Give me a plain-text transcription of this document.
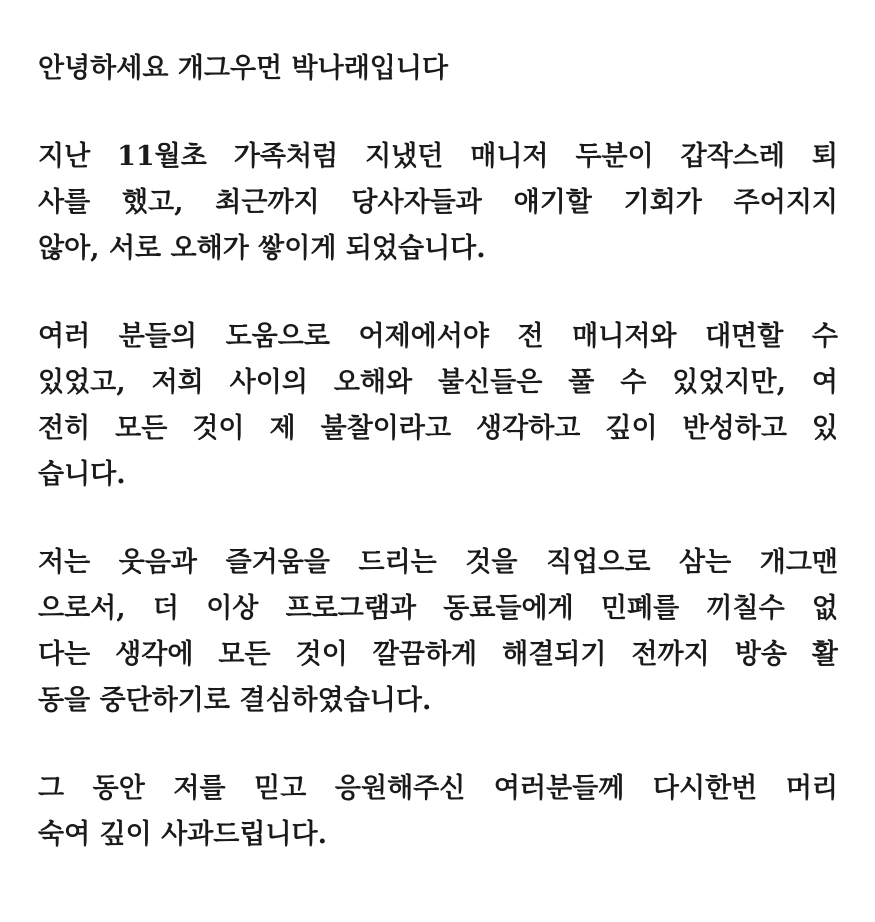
안녕하세요 개그우먼 박나래입니다

지난 11월초 가족처럼 지냈던 매니저 두분이 갑작스레 퇴
사를 했고, 최근까지 당사자들과 얘기할 기회가 주어지지
않아, 서로 오해가 쌓이게 되었습니다.

여러 분들의 도움으로 어제에서야 전 매니저와 대면할 수
있었고, 저희 사이의 오해와 불신들은 풀 수 있었지만, 여
전히 모든 것이 제 불찰이라고 생각하고 깊이 반성하고 있
습니다.

저는 웃음과 즐거움을 드리는 것을 직업으로 삼는 개그맨
으로서, 더 이상 프로그램과 동료들에게 민폐를 끼칠수 없
다는 생각에 모든 것이 깔끔하게 해결되기 전까지 방송 활
동을 중단하기로 결심하였습니다.

그 동안 저를 믿고 응원해주신 여러분들께 다시한번 머리
숙여 깊이 사과드립니다.
